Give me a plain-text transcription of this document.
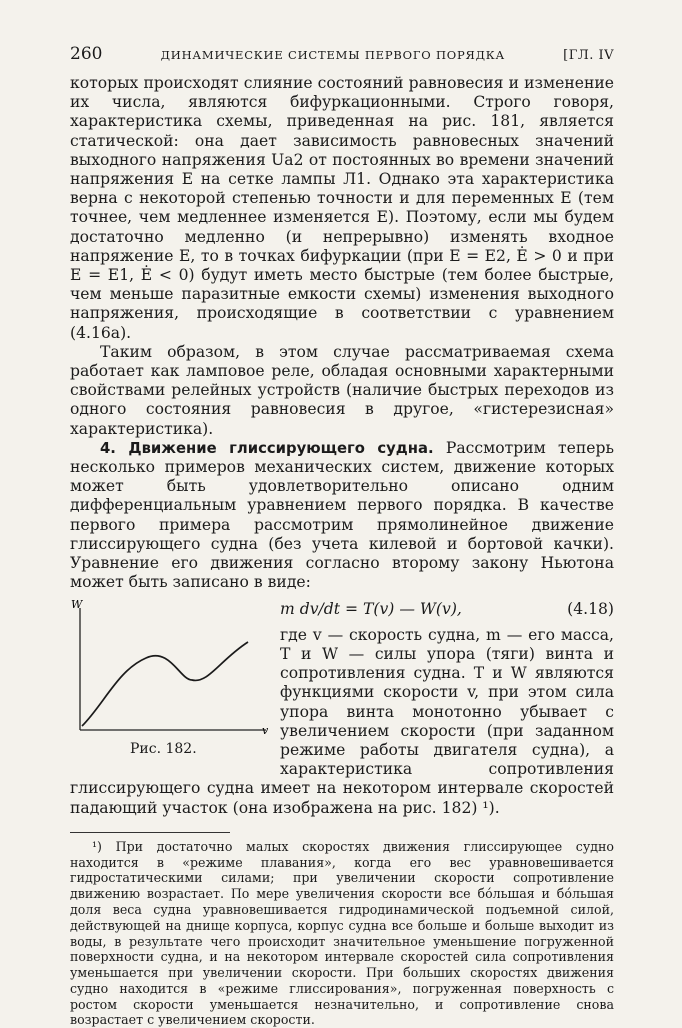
260	ДИНАМИЧЕСКИЕ СИСТЕМЫ ПЕРВОГО ПОРЯДКА	[ГЛ. IV

которых происходят слияние состояний равновесия и изменение их числа, являются бифуркационными. Строго говоря, характеристика схемы, приведенная на рис. 181, является статической: она дает зависимость равновесных значений выходного напряжения Uа2 от постоянных во времени значений напряжения E на сетке лампы Л1. Однако эта характеристика верна с некоторой степенью точности и для переменных E (тем точнее, чем медленнее изменяется E). Поэтому, если мы будем достаточно медленно (и непрерывно) изменять входное напряжение E, то в точках бифуркации (при E = E2, Ė > 0 и при E = E1, Ė < 0) будут иметь место быстрые (тем более быстрые, чем меньше паразитные емкости схемы) изменения выходного напряжения, происходящие в соответствии с уравнением (4.16а).

Таким образом, в этом случае рассматриваемая схема работает как ламповое реле, обладая основными характерными свойствами релейных устройств (наличие быстрых переходов из одного состояния равновесия в другое, «гистерезисная» характеристика).

4. Движение глиссирующего судна. Рассмотрим теперь несколько примеров механических систем, движение которых может быть удовлетворительно описано одним дифференциальным уравнением первого порядка. В качестве первого примера рассмотрим прямолинейное движение глиссирующего судна (без учета килевой и бортовой качки). Уравнение его движения согласно второму закону Ньютона может быть записано в виде:

W
v
Рис. 182.
m dv/dt = T(v) — W(v),	(4.18)

где v — скорость судна, m — его масса, T и W — силы упора (тяги) винта и сопротивления судна. T и W являются функциями скорости v, при этом сила упора винта монотонно убывает с увеличением скорости (при заданном режиме работы двигателя судна), а характеристика сопротивления глиссирующего судна имеет на некотором интервале скоростей падающий участок (она изображена на рис. 182) ¹).

¹) При достаточно малых скоростях движения глиссирующее судно находится в «режиме плавания», когда его вес уравновешивается гидростатическими силами; при увеличении скорости сопротивление движению возрастает. По мере увеличения скорости все бо́льшая и бо́льшая доля веса судна уравновешивается гидродинамической подъемной силой, действующей на днище корпуса, корпус судна все больше и больше выходит из воды, в результате чего происходит значительное уменьшение погруженной поверхности судна, и на некотором интервале скоростей сила сопротивления уменьшается при увеличении скорости. При больших скоростях движения судно находится в «режиме глиссирования», погруженная поверхность с ростом скорости уменьшается незначительно, и сопротивление снова возрастает с увеличением скорости.
